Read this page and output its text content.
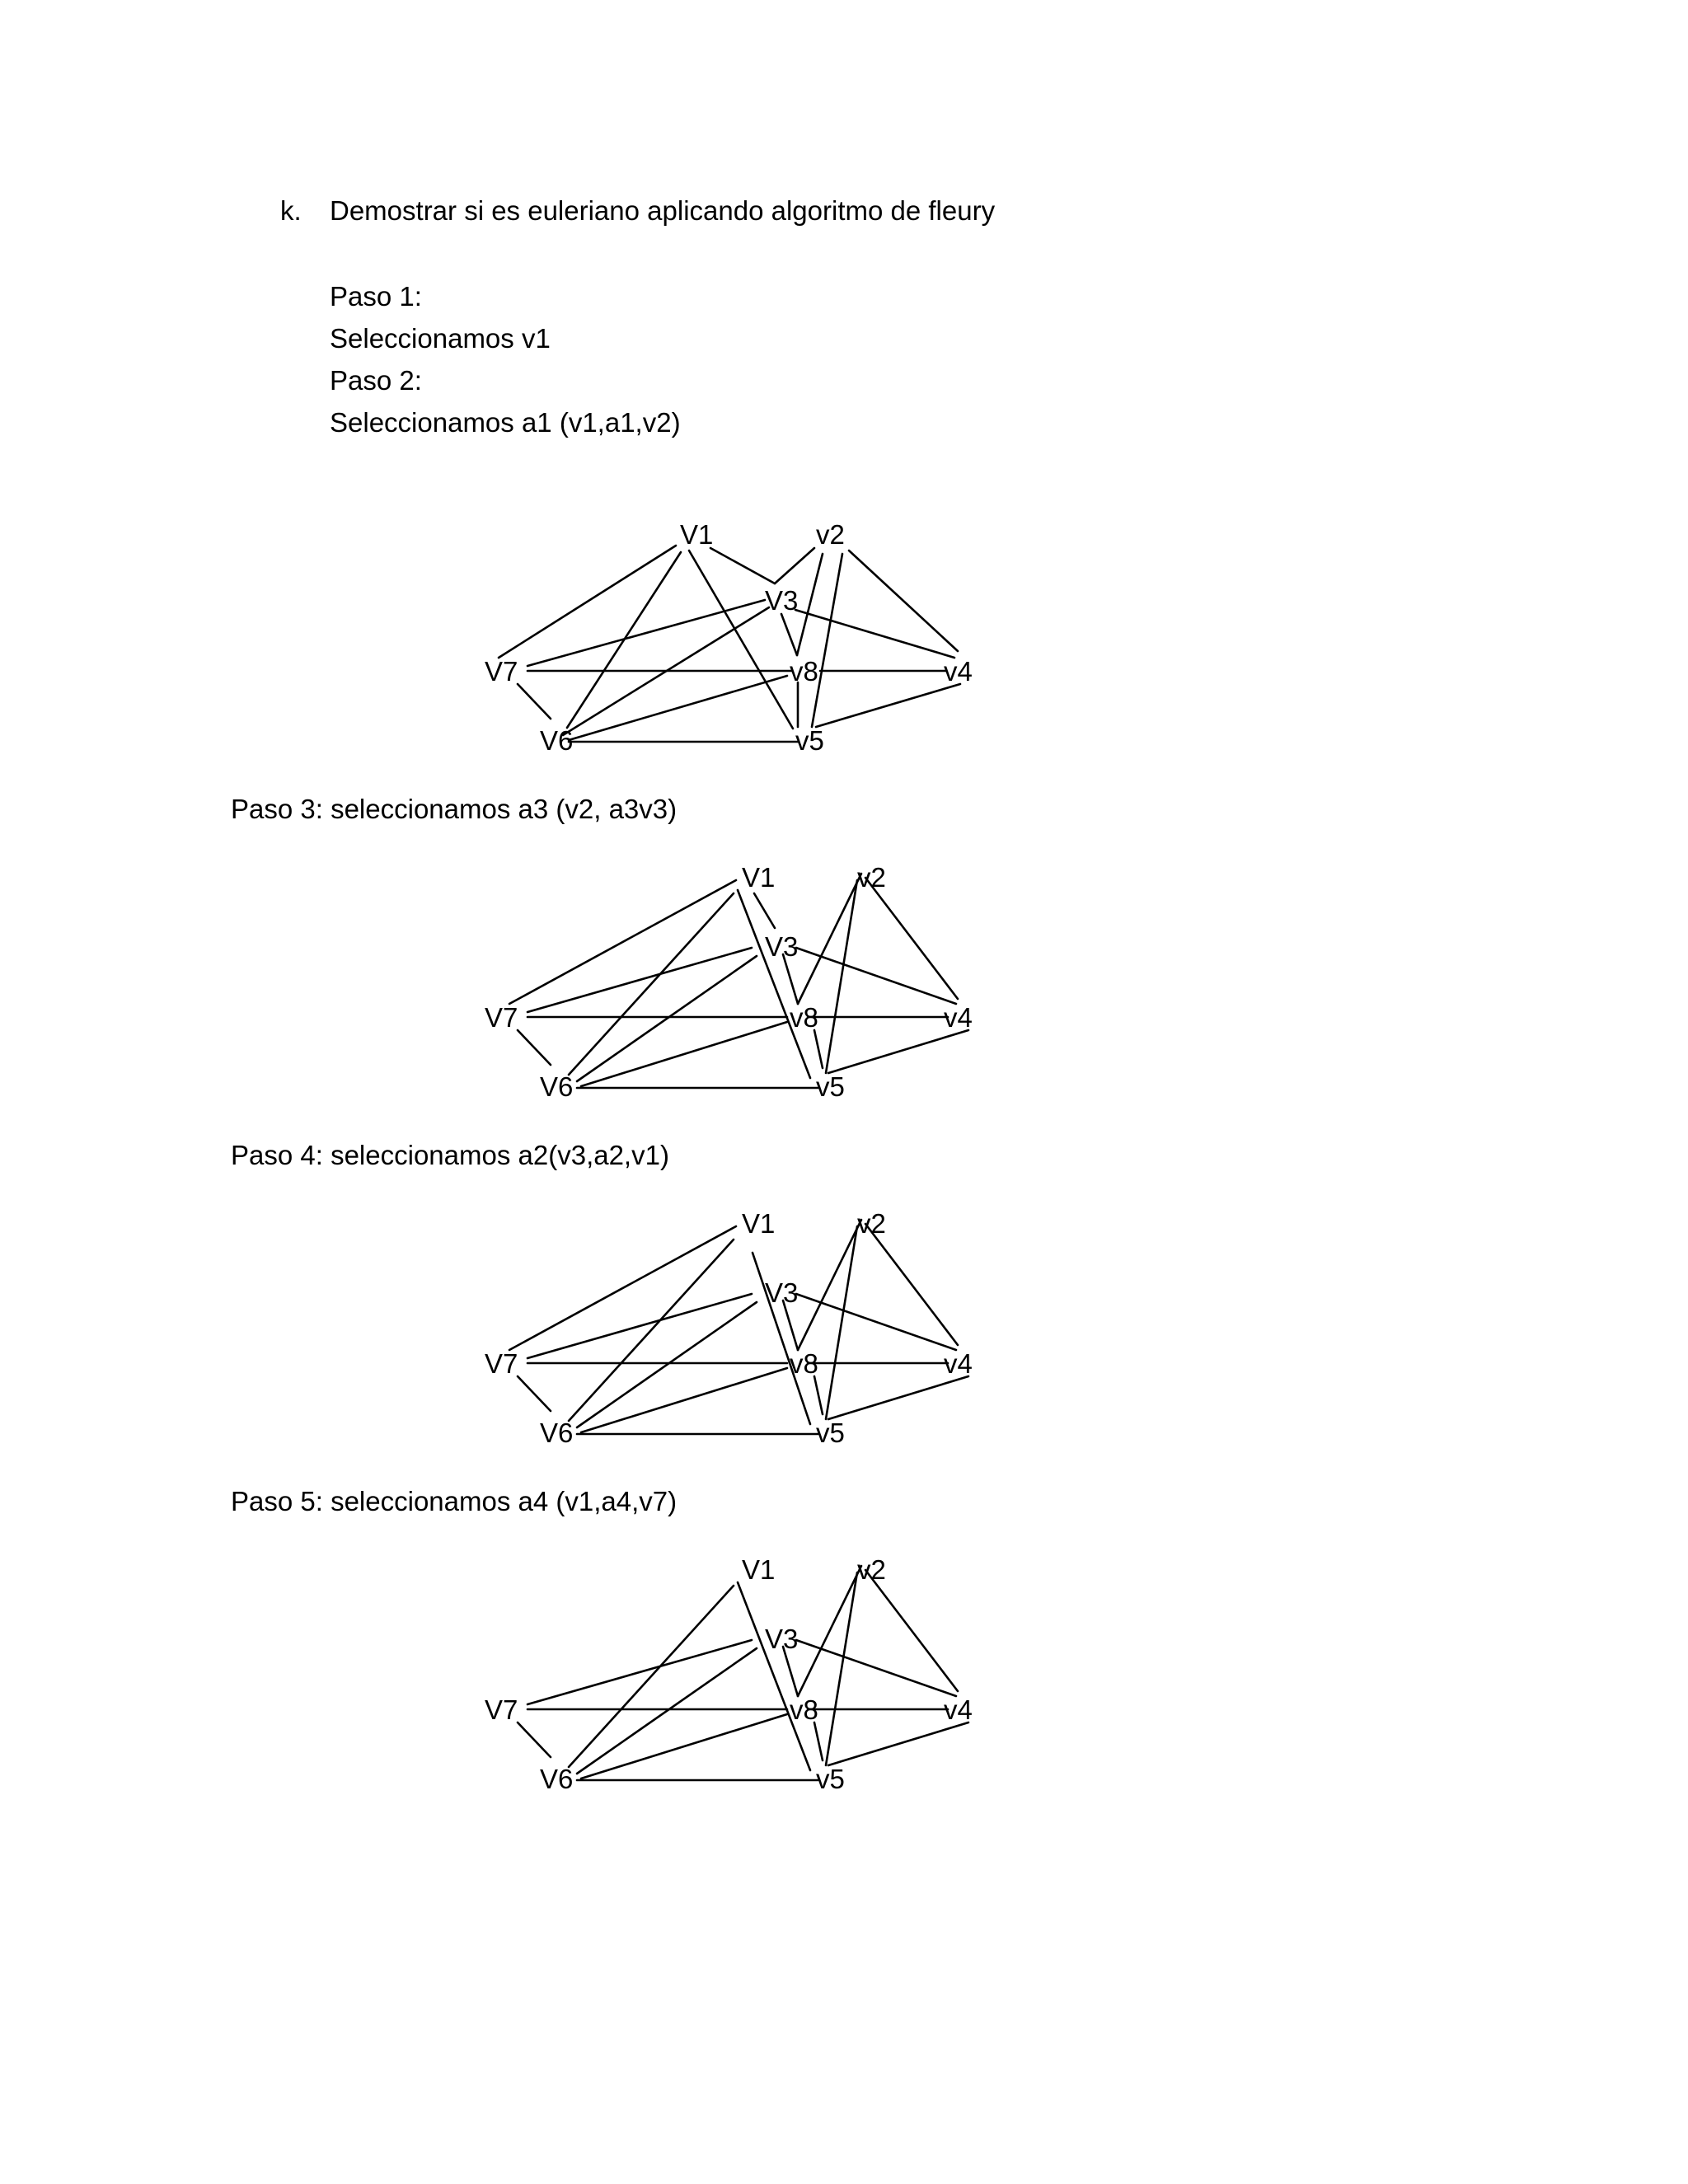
k. Demostrar si es euleriano aplicando algoritmo de fleury
Paso 1:
Seleccionamos v1
Paso 2:
Seleccionamos a1 (v1,a1,v2)
V1	v2
V3
V7	v8	v4
V6	v5
Paso 3: seleccionamos a3 (v2, a3v3)
V1	v2
V3
V7	v8	v4
V6	v5
Paso 4: seleccionamos a2(v3,a2,v1)
V1	v2
V3
V7	v8	v4
V6	v5
Paso 5: seleccionamos a4 (v1,a4,v7)
V1	v2
V3
V7	v8	v4
V6	v5
